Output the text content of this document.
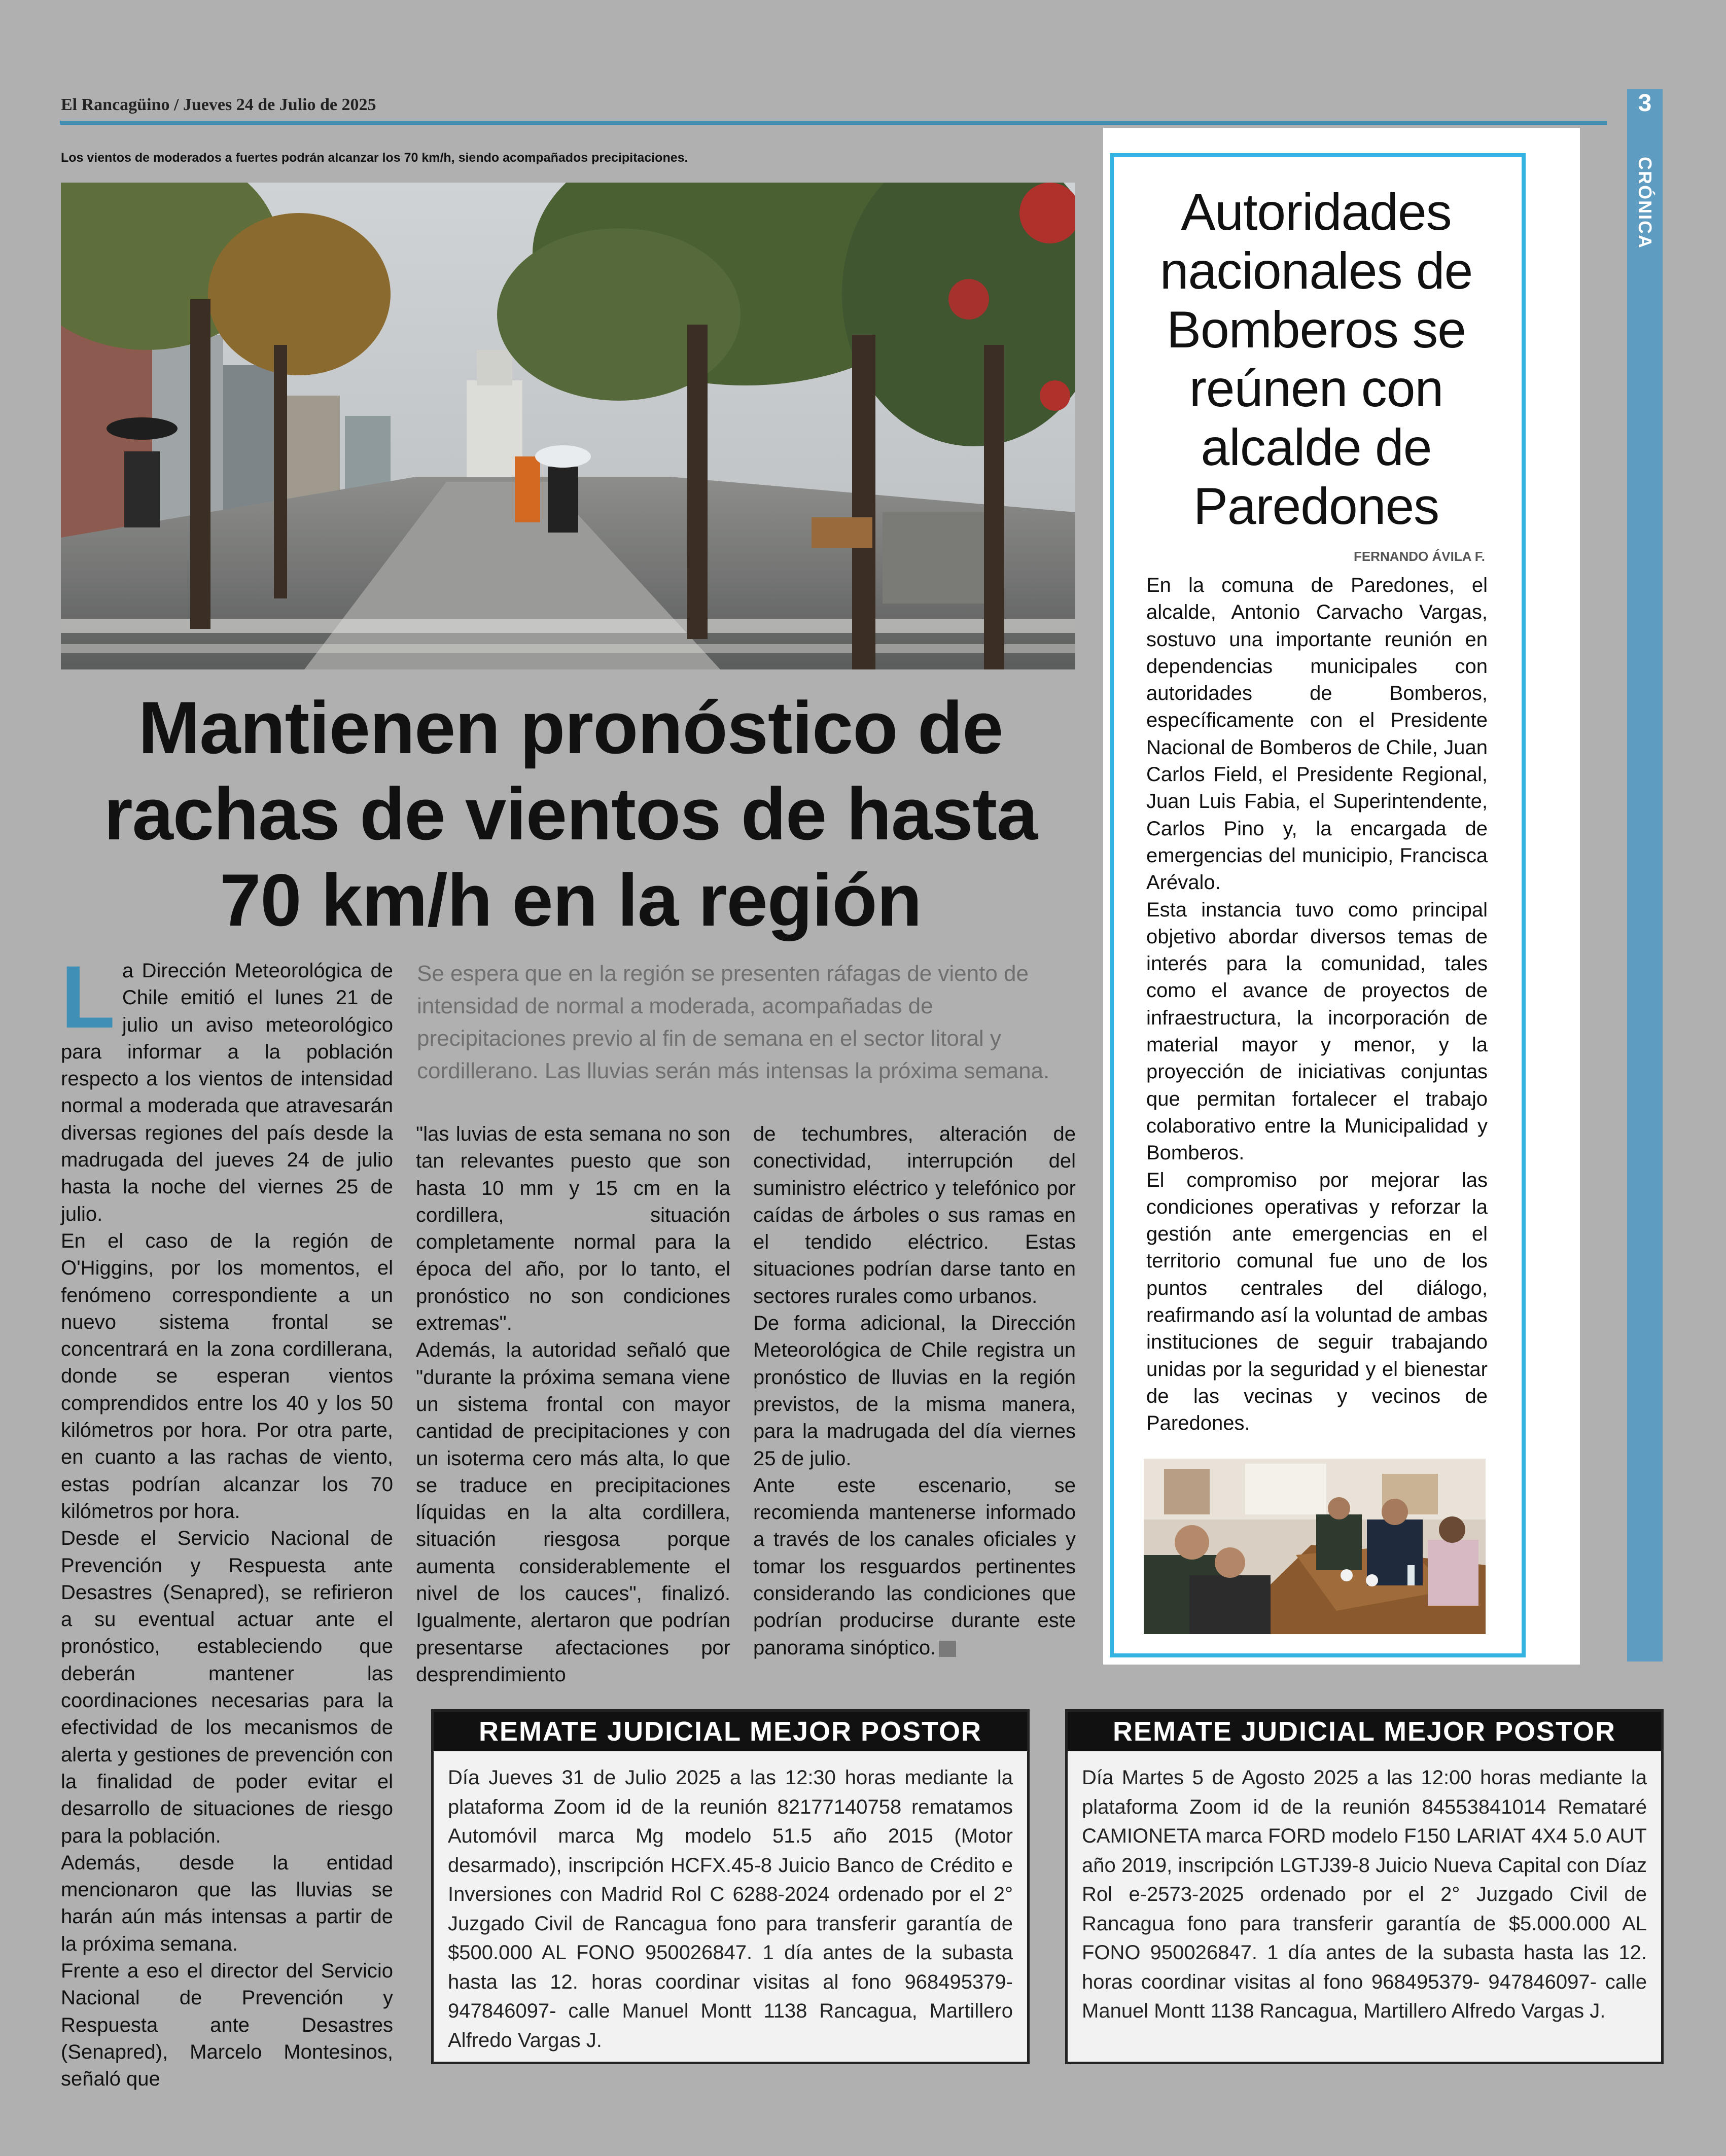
El Rancagüino / Jueves 24 de Julio de 2025	3
CRÓNICA
Los vientos de moderados a fuertes podrán alcanzar los 70 km/h, siendo acompañados precipitaciones.
Mantienen pronóstico de rachas de vientos de hasta 70 km/h en la región
Se espera que en la región se presenten ráfagas de viento de intensidad de normal a moderada, acompañadas de precipitaciones previo al fin de semana en el sector litoral y cordillerano. Las lluvias serán más intensas la próxima semana.

La Dirección Meteorológica de Chile emitió el lunes 21 de julio un aviso meteorológico para informar a la población respecto a los vientos de intensidad normal a moderada que atravesarán diversas regiones del país desde la madrugada del jueves 24 de julio hasta la noche del viernes 25 de julio.

En el caso de la región de O'Higgins, por los momentos, el fenómeno correspondiente a un nuevo sistema frontal se concentrará en la zona cordillerana, donde se esperan vientos comprendidos entre los 40 y los 50 kilómetros por hora. Por otra parte, en cuanto a las rachas de viento, estas podrían alcanzar los 70 kilómetros por hora.

Desde el Servicio Nacional de Prevención y Respuesta ante Desastres (Senapred), se refirieron a su eventual actuar ante el pronóstico, estableciendo que deberán mantener las coordinaciones necesarias para la efectividad de los mecanismos de alerta y gestiones de prevención con la finalidad de poder evitar el desarrollo de situaciones de riesgo para la población.

Además, desde la entidad mencionaron que las lluvias se harán aún más intensas a partir de la próxima semana.

Frente a eso el director del Servicio Nacional de Prevención y Respuesta ante Desastres (Senapred), Marcelo Montesinos, señaló que

"las luvias de esta semana no son tan relevantes puesto que son hasta 10 mm y 15 cm en la cordillera, situación completamente normal para la época del año, por lo tanto, el pronóstico no son condiciones extremas".

Además, la autoridad señaló que "durante la próxima semana viene un sistema frontal con mayor cantidad de precipitaciones y con un isoterma cero más alta, lo que se traduce en precipitaciones líquidas en la alta cordillera, situación riesgosa porque aumenta considerablemente el nivel de los cauces", finalizó. Igualmente, alertaron que podrían presentarse afectaciones por desprendimiento

de techumbres, alteración de conectividad, interrupción del suministro eléctrico y telefónico por caídas de árboles o sus ramas en el tendido eléctrico. Estas situaciones podrían darse tanto en sectores rurales como urbanos.

De forma adicional, la Dirección Meteorológica de Chile registra un pronóstico de lluvias en la región previstos, de la misma manera, para la madrugada del día viernes 25 de julio.

Ante este escenario, se recomienda mantenerse informado a través de los canales oficiales y tomar los resguardos pertinentes considerando las condiciones que podrían producirse durante este panorama sinóptico.

Autoridades nacionales de Bomberos se reúnen con alcalde de Paredones
FERNANDO ÁVILA F.

En la comuna de Paredones, el alcalde, Antonio Carvacho Vargas, sostuvo una importante reunión en dependencias municipales con autoridades de Bomberos, específicamente con el Presidente Nacional de Bomberos de Chile, Juan Carlos Field, el Presidente Regional, Juan Luis Fabia, el Superintendente, Carlos Pino y, la encargada de emergencias del municipio, Francisca Arévalo.

Esta instancia tuvo como principal objetivo abordar diversos temas de interés para la comunidad, tales como el avance de proyectos de infraestructura, la incorporación de material mayor y menor, y la proyección de iniciativas conjuntas que permitan fortalecer el trabajo colaborativo entre la Municipalidad y Bomberos.

El compromiso por mejorar las condiciones operativas y reforzar la gestión ante emergencias en el territorio comunal fue uno de los puntos centrales del diálogo, reafirmando así la voluntad de ambas instituciones de seguir trabajando unidas por la seguridad y el bienestar de las vecinas y vecinos de Paredones.

REMATE JUDICIAL MEJOR POSTOR
Día Jueves 31 de Julio 2025 a las 12:30 horas mediante la plataforma Zoom id de la reunión 82177140758 rematamos Automóvil marca Mg modelo 51.5 año 2015 (Motor desarmado), inscripción HCFX.45-8 Juicio Banco de Crédito e Inversiones con Madrid Rol C 6288-2024 ordenado por el 2° Juzgado Civil de Rancagua fono para transferir garantía de $500.000 AL FONO 950026847. 1 día antes de la subasta hasta las 12. horas coordinar visitas al fono 968495379- 947846097- calle Manuel Montt 1138 Rancagua, Martillero Alfredo Vargas J.
REMATE JUDICIAL MEJOR POSTOR
Día Martes 5 de Agosto 2025 a las 12:00 horas mediante la plataforma Zoom id de la reunión 84553841014 Remataré CAMIONETA marca FORD modelo F150 LARIAT 4X4 5.0 AUT año 2019, inscripción LGTJ39-8 Juicio Nueva Capital con Díaz Rol e-2573-2025 ordenado por el 2° Juzgado Civil de Rancagua fono para transferir garantía de $5.000.000 AL FONO 950026847. 1 día antes de la subasta hasta las 12. horas coordinar visitas al fono 968495379- 947846097- calle Manuel Montt 1138 Rancagua, Martillero Alfredo Vargas J.
